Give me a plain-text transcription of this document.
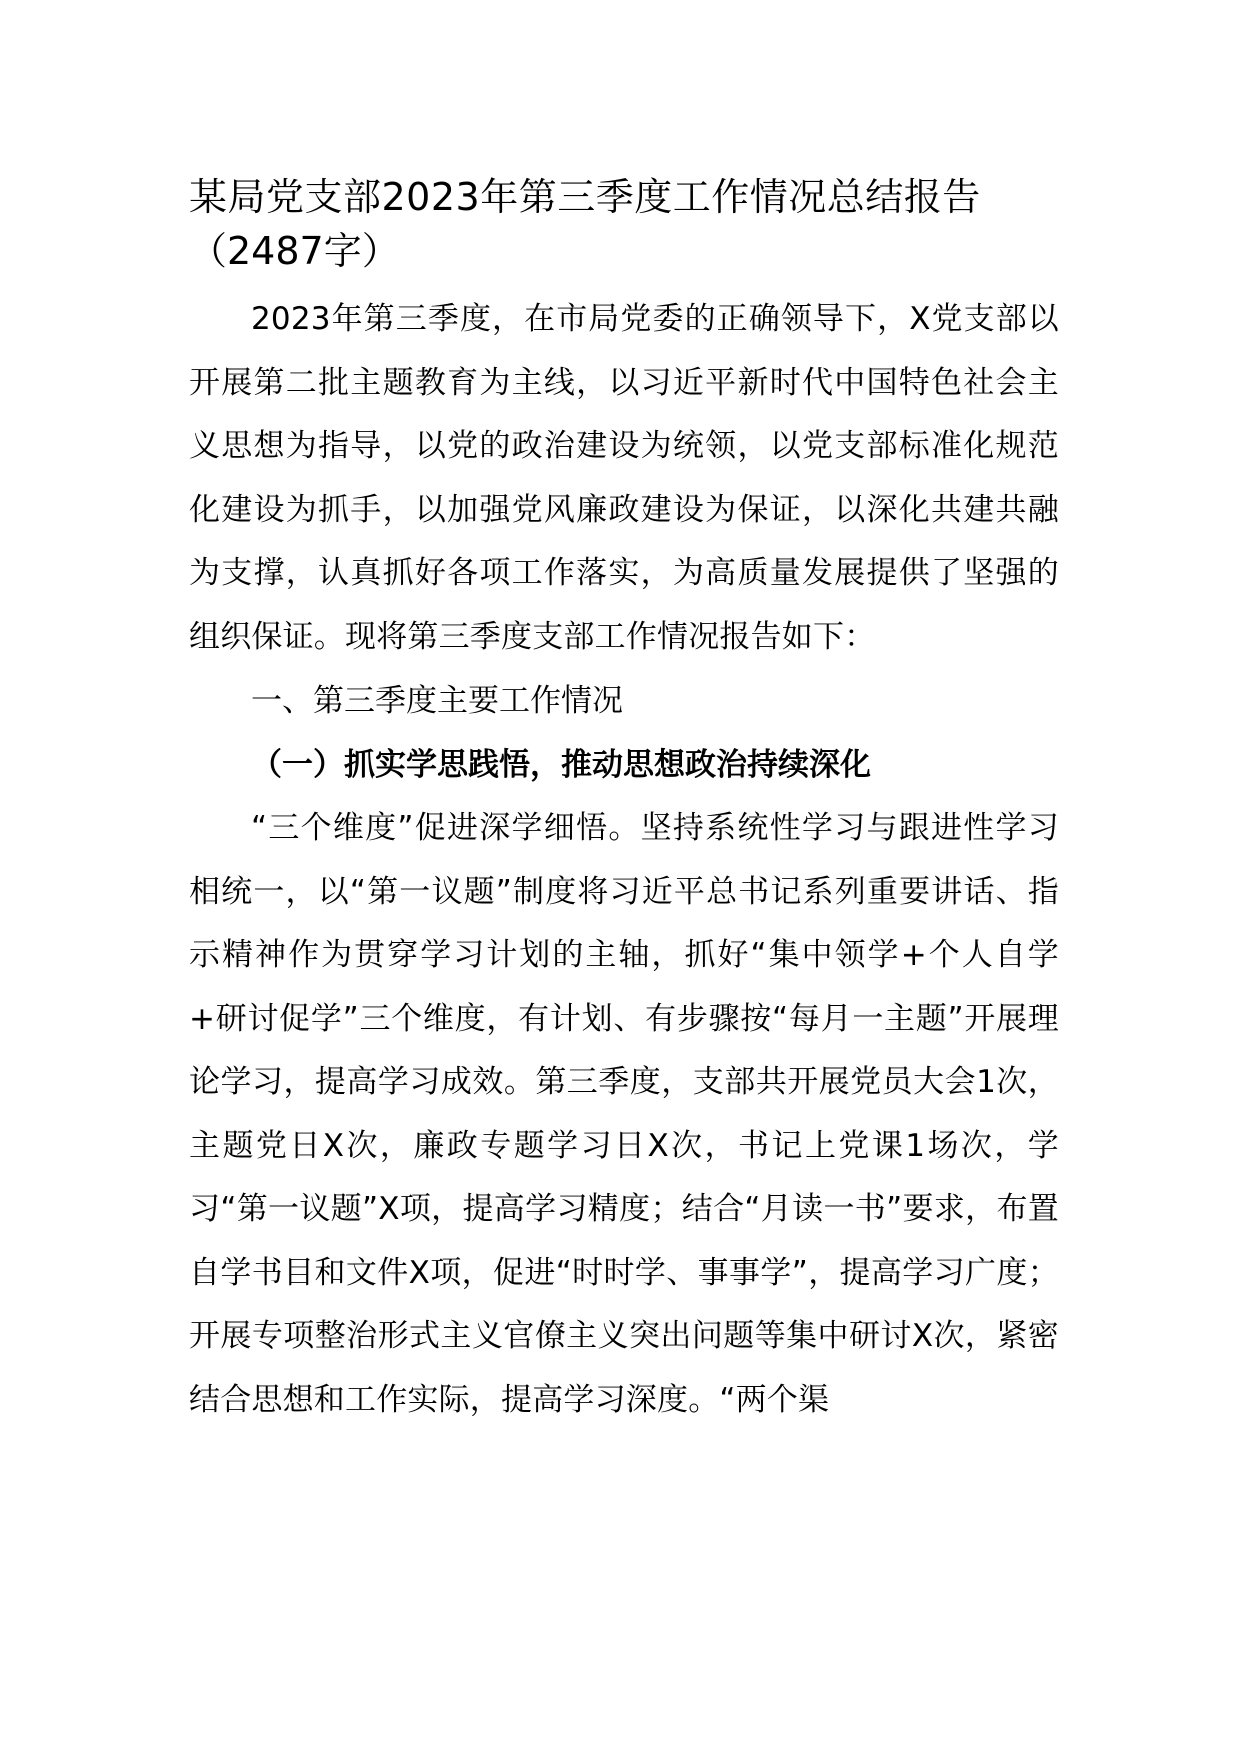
某局党支部2023年第三季度工作情况总结报告
（2487字）

2023年第三季度，在市局党委的正确领导下，X党支部以开展第二批主题教育为主线，以习近平新时代中国特色社会主义思想为指导，以党的政治建设为统领，以党支部标准化规范化建设为抓手，以加强党风廉政建设为保证，以深化共建共融为支撑，认真抓好各项工作落实，为高质量发展提供了坚强的组织保证。现将第三季度支部工作情况报告如下：

一、第三季度主要工作情况

（一）抓实学思践悟，推动思想政治持续深化

“三个维度”促进深学细悟。坚持系统性学习与跟进性学习相统一，以“第一议题”制度将习近平总书记系列重要讲话、指示精神作为贯穿学习计划的主轴，抓好“集中领学+个人自学+研讨促学”三个维度，有计划、有步骤按“每月一主题”开展理论学习，提高学习成效。第三季度，支部共开展党员大会1次，主题党日X次，廉政专题学习日X次，书记上党课1场次，学习“第一议题”X项，提高学习精度；结合“月读一书”要求，布置自学书目和文件X项，促进“时时学、事事学”，提高学习广度；开展专项整治形式主义官僚主义突出问题等集中研讨X次，紧密结合思想和工作实际，提高学习深度。“两个渠
